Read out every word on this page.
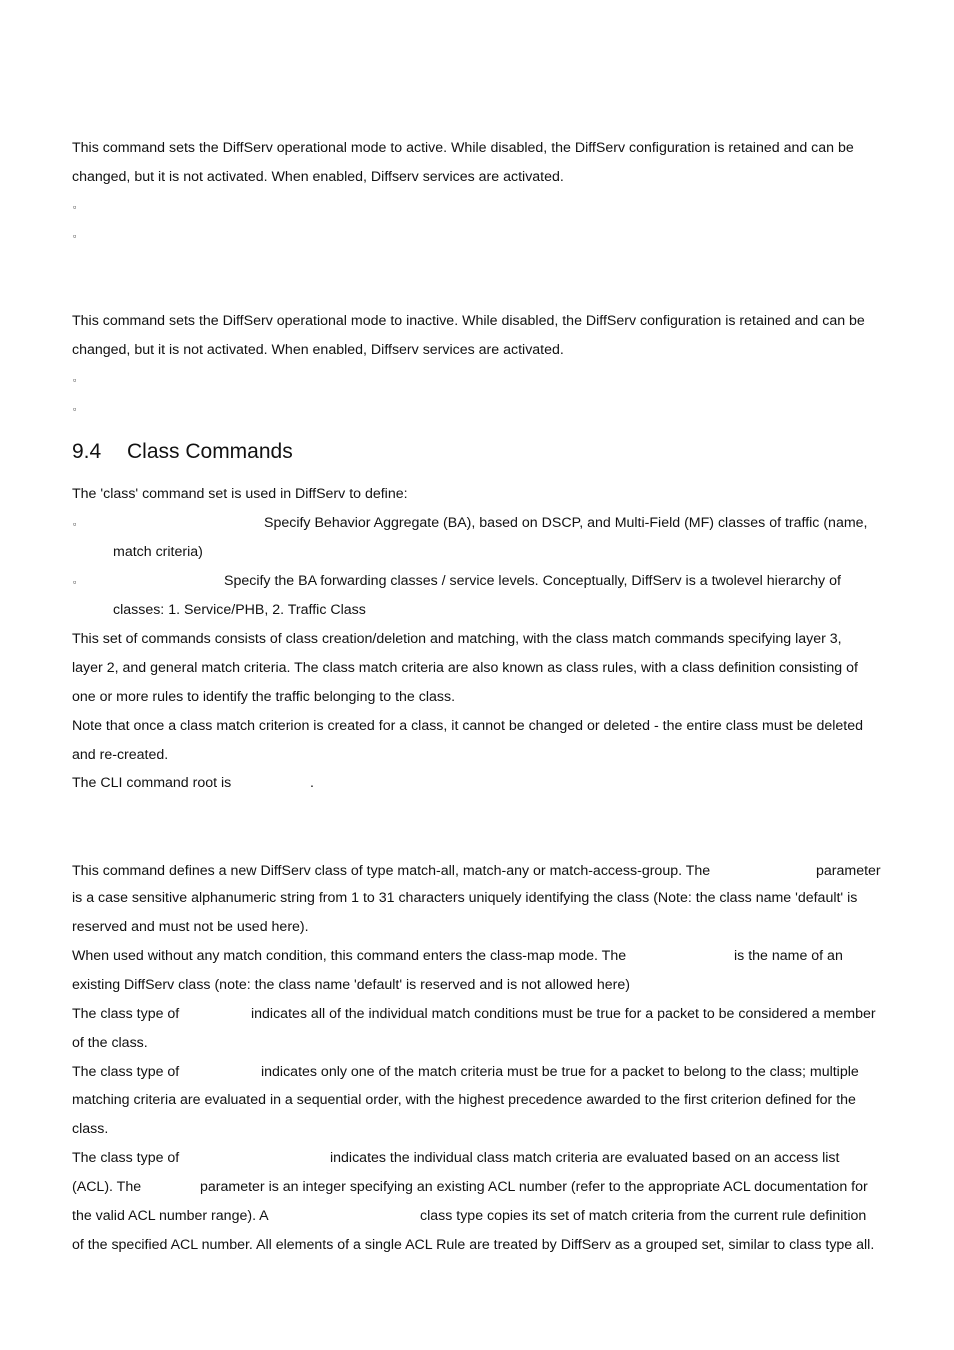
This command sets the DiffServ operational mode to active. While disabled, the DiffServ configuration is retained and can be
changed, but it is not activated. When enabled, Diffserv services are activated.
▫
▫
This command sets the DiffServ operational mode to inactive. While disabled, the DiffServ configuration is retained and can be
changed, but it is not activated. When enabled, Diffserv services are activated.
▫
▫
9.4 Class Commands
The 'class' command set is used in DiffServ to define:
▫	Specify Behavior Aggregate (BA), based on DSCP, and Multi-Field (MF) classes of traffic (name,
match criteria)
▫	Specify the BA forwarding classes / service levels. Conceptually, DiffServ is a twolevel hierarchy of
classes: 1. Service/PHB, 2. Traffic Class
This set of commands consists of class creation/deletion and matching, with the class match commands specifying layer 3,
layer 2, and general match criteria. The class match criteria are also known as class rules, with a class definition consisting of
one or more rules to identify the traffic belonging to the class.
Note that once a class match criterion is created for a class, it cannot be changed or deleted - the entire class must be deleted
and re-created.
The CLI command root is	.
This command defines a new DiffServ class of type match-all, match-any or match-access-group. The	parameter
is a case sensitive alphanumeric string from 1 to 31 characters uniquely identifying the class (Note: the class name 'default' is
reserved and must not be used here).
When used without any match condition, this command enters the class-map mode. The	is the name of an
existing DiffServ class (note: the class name 'default' is reserved and is not allowed here)
The class type of	indicates all of the individual match conditions must be true for a packet to be considered a member
of the class.
The class type of	indicates only one of the match criteria must be true for a packet to belong to the class; multiple
matching criteria are evaluated in a sequential order, with the highest precedence awarded to the first criterion defined for the
class.
The class type of	indicates the individual class match criteria are evaluated based on an access list
(ACL). The	parameter is an integer specifying an existing ACL number (refer to the appropriate ACL documentation for
the valid ACL number range). A	class type copies its set of match criteria from the current rule definition
of the specified ACL number. All elements of a single ACL Rule are treated by DiffServ as a grouped set, similar to class type all.
